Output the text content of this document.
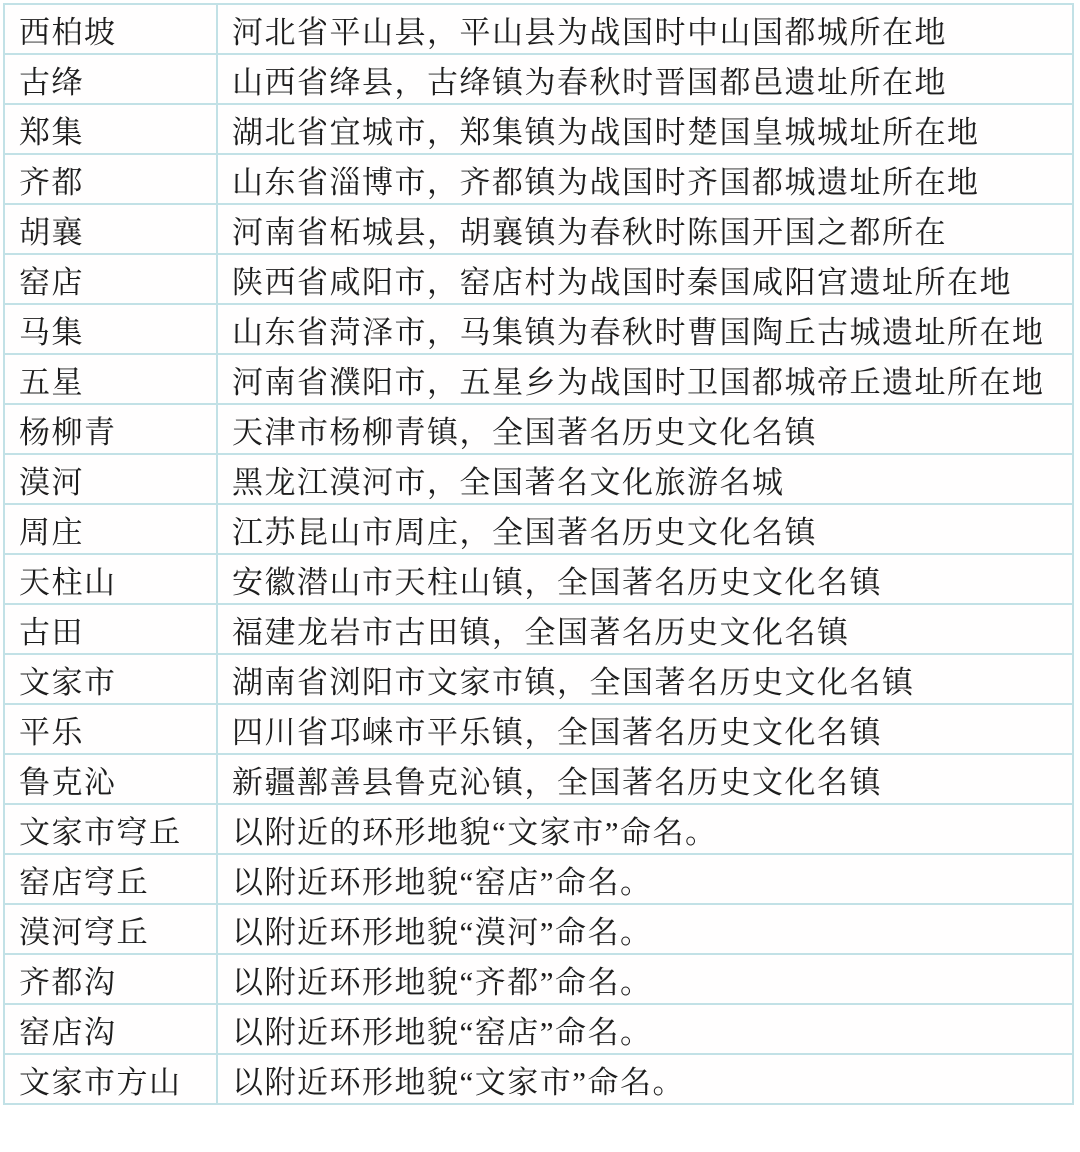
西柏坡	河北省平山县，平山县为战国时中山国都城所在地
古绛	山西省绛县，古绛镇为春秋时晋国都邑遗址所在地
郑集	湖北省宜城市，郑集镇为战国时楚国皇城城址所在地
齐都	山东省淄博市，齐都镇为战国时齐国都城遗址所在地
胡襄	河南省柘城县，胡襄镇为春秋时陈国开国之都所在
窑店	陕西省咸阳市，窑店村为战国时秦国咸阳宫遗址所在地
马集	山东省菏泽市，马集镇为春秋时曹国陶丘古城遗址所在地
五星	河南省濮阳市，五星乡为战国时卫国都城帝丘遗址所在地
杨柳青	天津市杨柳青镇，全国著名历史文化名镇
漠河	黑龙江漠河市，全国著名文化旅游名城
周庄	江苏昆山市周庄，全国著名历史文化名镇
天柱山	安徽潜山市天柱山镇，全国著名历史文化名镇
古田	福建龙岩市古田镇，全国著名历史文化名镇
文家市	湖南省浏阳市文家市镇，全国著名历史文化名镇
平乐	四川省邛崃市平乐镇，全国著名历史文化名镇
鲁克沁	新疆鄯善县鲁克沁镇，全国著名历史文化名镇
文家市穹丘	以附近的环形地貌“文家市”命名。
窑店穹丘	以附近环形地貌“窑店”命名。
漠河穹丘	以附近环形地貌“漠河”命名。
齐都沟	以附近环形地貌“齐都”命名。
窑店沟	以附近环形地貌“窑店”命名。
文家市方山	以附近环形地貌“文家市”命名。
